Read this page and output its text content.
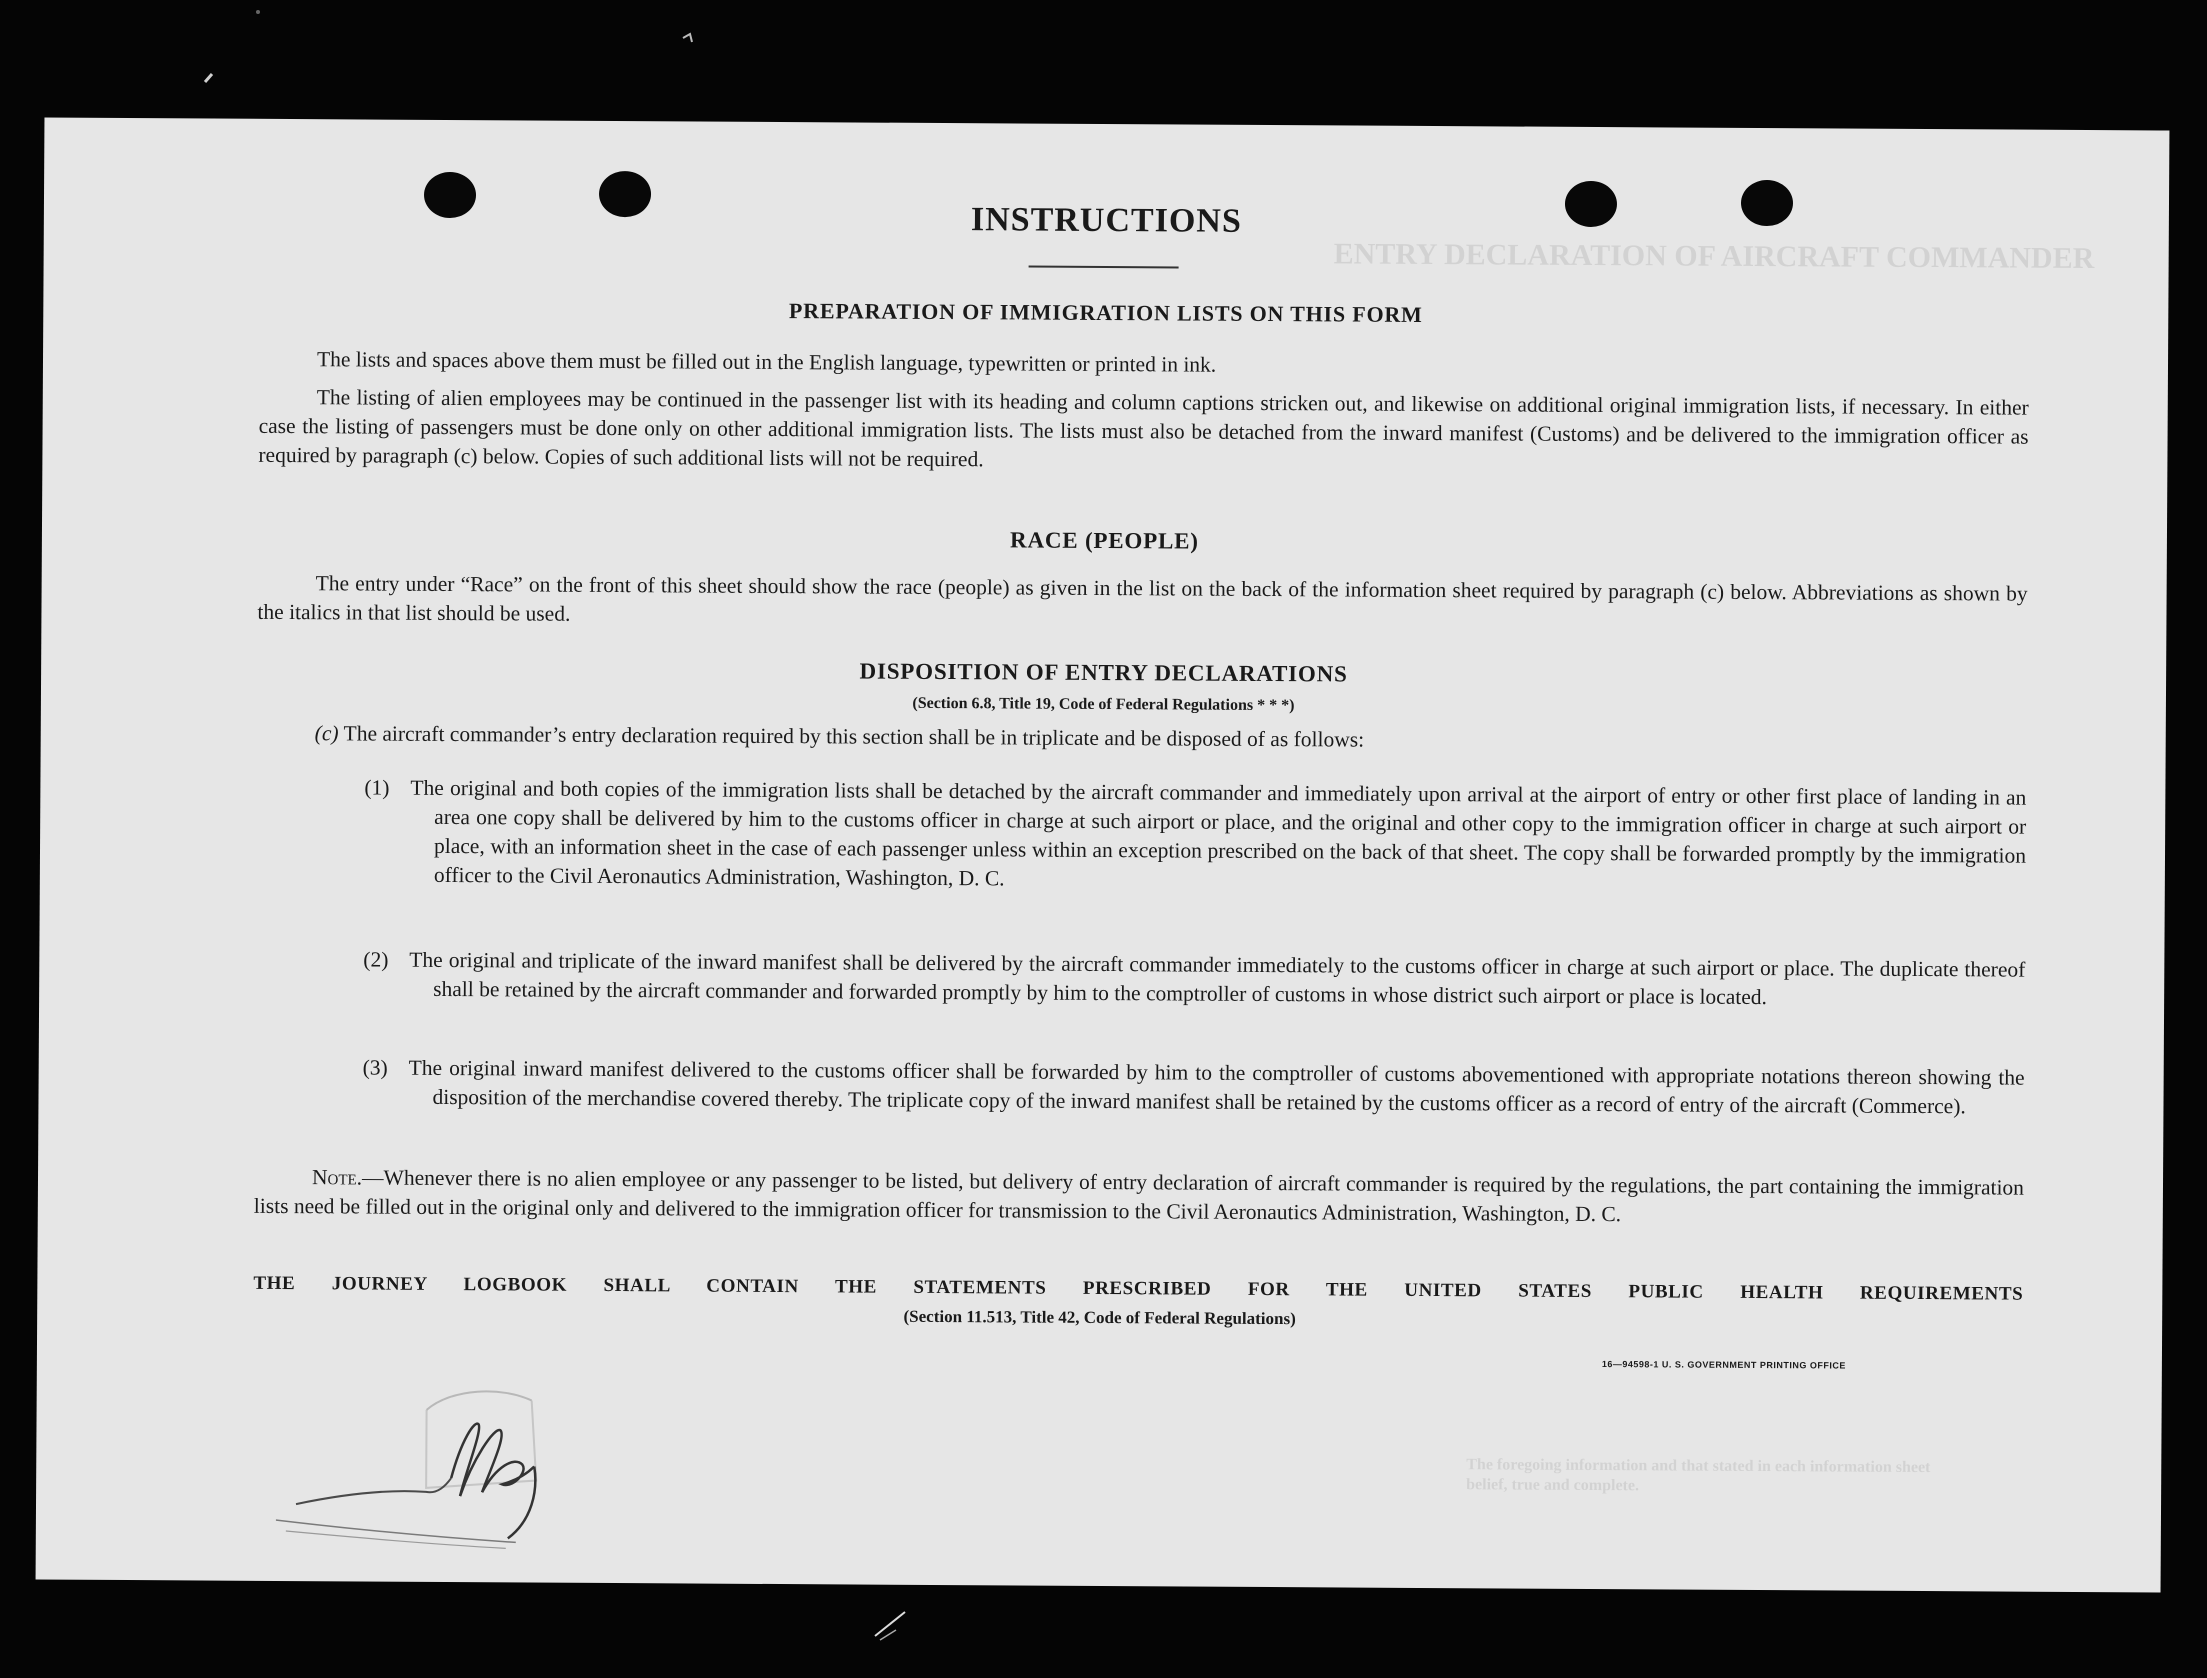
ENTRY DECLARATION OF AIRCRAFT COMMANDER
The foregoing information and that stated in each information sheet
belief, true and complete.
INSTRUCTIONS
PREPARATION OF IMMIGRATION LISTS ON THIS FORM
The lists and spaces above them must be filled out in the English language, typewritten or printed in ink.
The listing of alien employees may be continued in the passenger list with its heading and column captions stricken out, and likewise on additional original immigration lists, if necessary. In either case the listing of passengers must be done only on other additional immigration lists. The lists must also be detached from the inward manifest (Customs) and be delivered to the immigration officer as required by paragraph (c) below. Copies of such additional lists will not be required.
RACE (PEOPLE)
The entry under “Race” on the front of this sheet should show the race (people) as given in the list on the back of the information sheet required by paragraph (c) below. Abbreviations as shown by the italics in that list should be used.
DISPOSITION OF ENTRY DECLARATIONS
(Section 6.8, Title 19, Code of Federal Regulations * * *)
(c) The aircraft commander’s entry declaration required by this section shall be in triplicate and be disposed of as follows:
(1) The original and both copies of the immigration lists shall be detached by the aircraft commander and immediately upon arrival at the airport of entry or other first place of landing in an area one copy shall be delivered by him to the customs officer in charge at such airport or place, and the original and other copy to the immigration officer in charge at such airport or place, with an information sheet in the case of each passenger unless within an exception prescribed on the back of that sheet. The copy shall be forwarded promptly by the immigration officer to the Civil Aeronautics Administration, Washington, D. C.
(2) The original and triplicate of the inward manifest shall be delivered by the aircraft commander immediately to the customs officer in charge at such airport or place. The duplicate thereof shall be retained by the aircraft commander and forwarded promptly by him to the comptroller of customs in whose district such airport or place is located.
(3) The original inward manifest delivered to the customs officer shall be forwarded by him to the comptroller of customs abovementioned with appropriate notations thereon showing the disposition of the merchandise covered thereby. The triplicate copy of the inward manifest shall be retained by the customs officer as a record of entry of the aircraft (Commerce).
Note.—Whenever there is no alien employee or any passenger to be listed, but delivery of entry declaration of aircraft commander is required by the regulations, the part containing the immigration lists need be filled out in the original only and delivered to the immigration officer for transmission to the Civil Aeronautics Administration, Washington, D. C.
THE JOURNEY LOGBOOK SHALL CONTAIN THE STATEMENTS PRESCRIBED FOR THE UNITED STATES PUBLIC HEALTH REQUIREMENTS
(Section 11.513, Title 42, Code of Federal Regulations)
16—94598-1 U. S. GOVERNMENT PRINTING OFFICE
